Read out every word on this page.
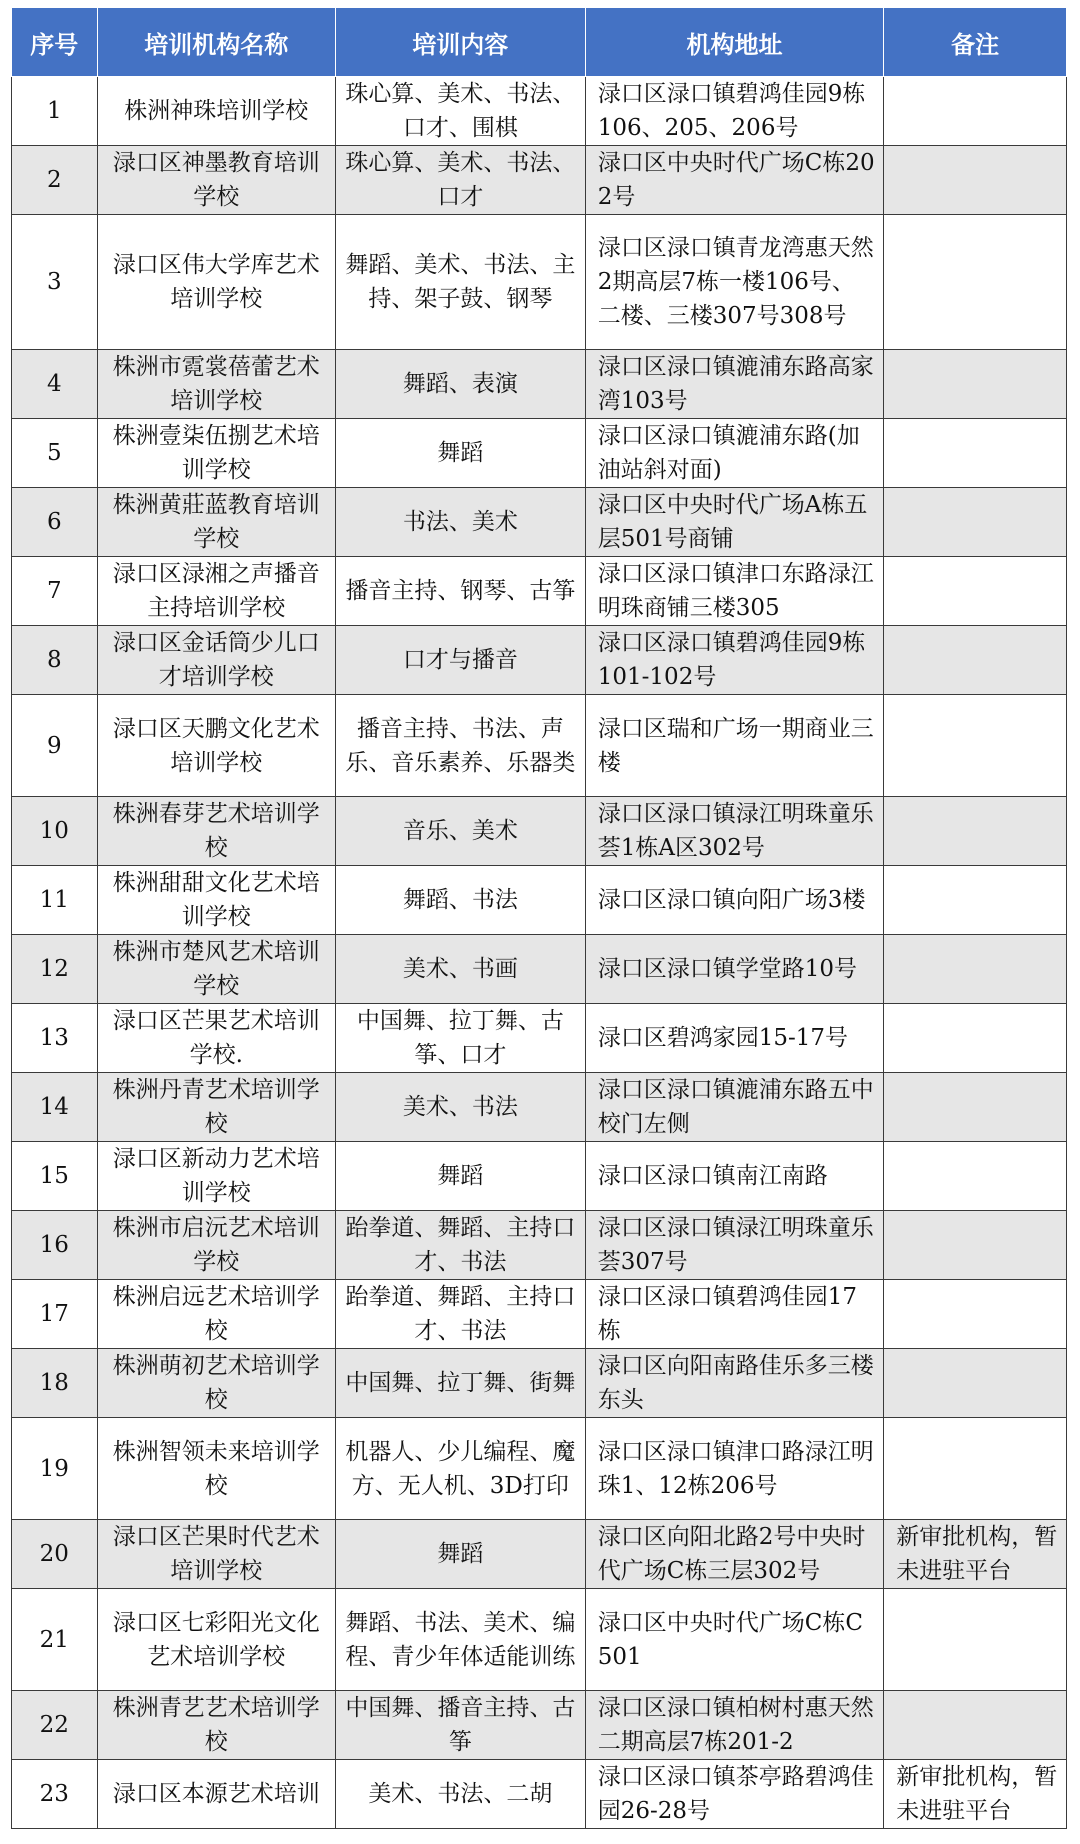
序号	培训机构名称	培训内容	机构地址	备注
1	株洲神珠培训学校	珠心算、美术、书法、口才、围棋	渌口区渌口镇碧鸿佳园9栋106、205、206号	
2	渌口区神墨教育培训学校	珠心算、美术、书法、口才	渌口区中央时代广场C栋202号	
3	渌口区伟大学库艺术培训学校	舞蹈、美术、书法、主持、架子鼓、钢琴	渌口区渌口镇青龙湾惠天然2期高层7栋一楼106号、二楼、三楼307号308号	
4	株洲市霓裳蓓蕾艺术培训学校	舞蹈、表演	渌口区渌口镇漉浦东路高家湾103号	
5	株洲壹柒伍捌艺术培训学校	舞蹈	渌口区渌口镇漉浦东路(加油站斜对面)	
6	株洲黄莊蓝教育培训学校	书法、美术	渌口区中央时代广场A栋五层501号商铺	
7	渌口区渌湘之声播音主持培训学校	播音主持、钢琴、古筝	渌口区渌口镇津口东路渌江明珠商铺三楼305	
8	渌口区金话筒少儿口才培训学校	口才与播音	渌口区渌口镇碧鸿佳园9栋101-102号	
9	渌口区天鹏文化艺术培训学校	播音主持、书法、声乐、音乐素养、乐器类	渌口区瑞和广场一期商业三楼	
10	株洲春芽艺术培训学校	音乐、美术	渌口区渌口镇渌江明珠童乐荟1栋A区302号	
11	株洲甜甜文化艺术培训学校	舞蹈、书法	渌口区渌口镇向阳广场3楼	
12	株洲市楚风艺术培训学校	美术、书画	渌口区渌口镇学堂路10号	
13	渌口区芒果艺术培训学校.	中国舞、拉丁舞、古筝、口才	渌口区碧鸿家园15-17号	
14	株洲丹青艺术培训学校	美术、书法	渌口区渌口镇漉浦东路五中校门左侧	
15	渌口区新动力艺术培训学校	舞蹈	渌口区渌口镇南江南路	
16	株洲市启沅艺术培训学校	跆拳道、舞蹈、主持口才、书法	渌口区渌口镇渌江明珠童乐荟307号	
17	株洲启远艺术培训学校	跆拳道、舞蹈、主持口才、书法	渌口区渌口镇碧鸿佳园17栋	
18	株洲萌初艺术培训学校	中国舞、拉丁舞、街舞	渌口区向阳南路佳乐多三楼东头	
19	株洲智领未来培训学校	机器人、少儿编程、魔方、无人机、3D打印	渌口区渌口镇津口路渌江明珠1、12栋206号	
20	渌口区芒果时代艺术培训学校	舞蹈	渌口区向阳北路2号中央时代广场C栋三层302号	新审批机构，暂未进驻平台
21	渌口区七彩阳光文化艺术培训学校	舞蹈、书法、美术、编程、青少年体适能训练	渌口区中央时代广场C栋C501	
22	株洲青艺艺术培训学校	中国舞、播音主持、古筝	渌口区渌口镇柏树村惠天然二期高层7栋201-2	
23	渌口区本源艺术培训	美术、书法、二胡	渌口区渌口镇茶亭路碧鸿佳园26-28号	新审批机构，暂未进驻平台
